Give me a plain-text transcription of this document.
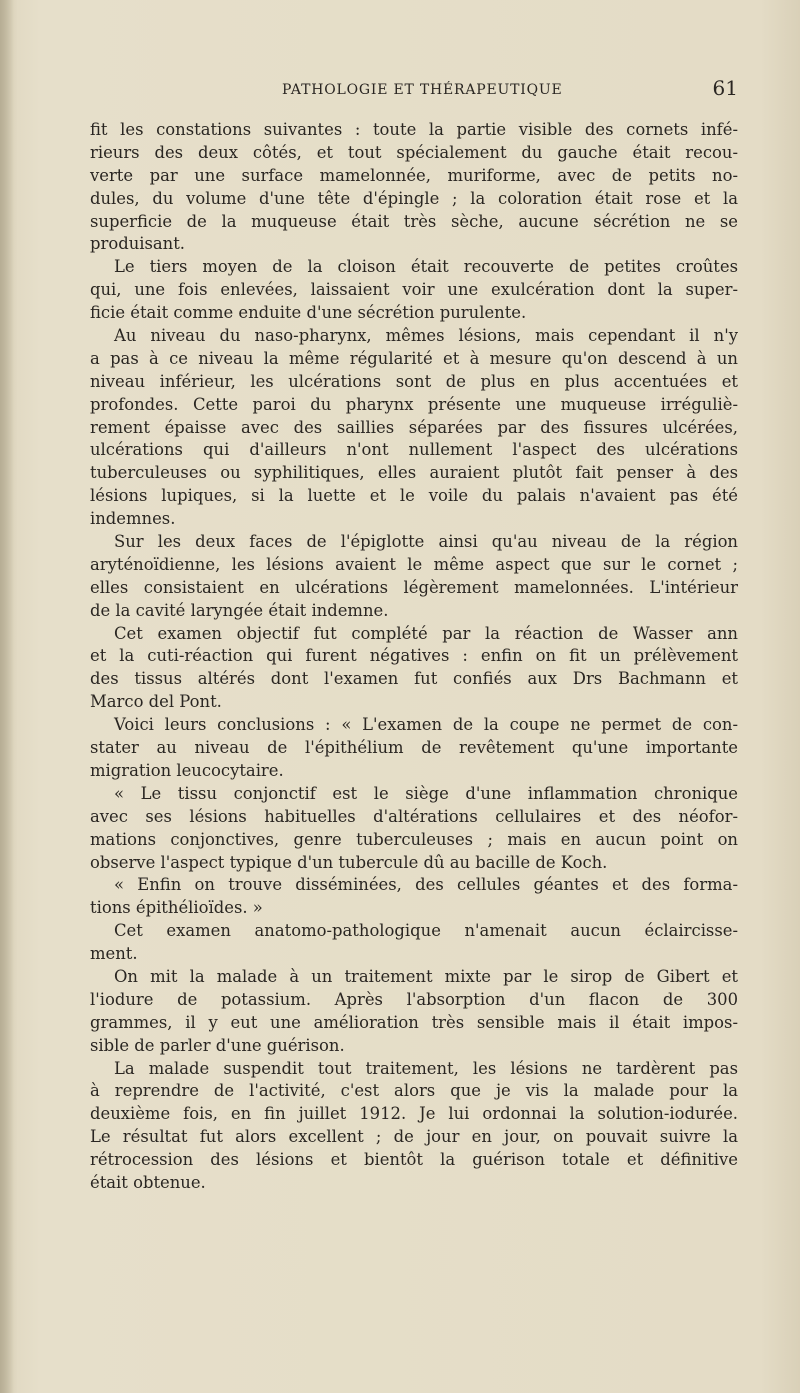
PATHOLOGIE ET THÉRAPEUTIQUE	61
fit les constations suivantes : toute la partie visible des cornets infé-
rieurs des deux côtés, et tout spécialement du gauche était recou-
verte par une surface mamelonnée, muriforme, avec de petits no-
dules, du volume d'une tête d'épingle ; la coloration était rose et la
superficie de la muqueuse était très sèche, aucune sécrétion ne se
produisant.
Le tiers moyen de la cloison était recouverte de petites croûtes
qui, une fois enlevées, laissaient voir une exulcération dont la super-
ficie était comme enduite d'une sécrétion purulente.
Au niveau du naso-pharynx, mêmes lésions, mais cependant il n'y
a pas à ce niveau la même régularité et à mesure qu'on descend à un
niveau inférieur, les ulcérations sont de plus en plus accentuées et
profondes. Cette paroi du pharynx présente une muqueuse irréguliè-
rement épaisse avec des saillies séparées par des fissures ulcérées,
ulcérations qui d'ailleurs n'ont nullement l'aspect des ulcérations
tuberculeuses ou syphilitiques, elles auraient plutôt fait penser à des
lésions lupiques, si la luette et le voile du palais n'avaient pas été
indemnes.
Sur les deux faces de l'épiglotte ainsi qu'au niveau de la région
aryténoïdienne, les lésions avaient le même aspect que sur le cornet ;
elles consistaient en ulcérations légèrement mamelonnées. L'intérieur
de la cavité laryngée était indemne.
Cet examen objectif fut complété par la réaction de Wasser ann
et la cuti-réaction qui furent négatives : enfin on fit un prélèvement
des tissus altérés dont l'examen fut confiés aux Drs Bachmann et
Marco del Pont.
Voici leurs conclusions : « L'examen de la coupe ne permet de con-
stater au niveau de l'épithélium de revêtement qu'une importante
migration leucocytaire.
« Le tissu conjonctif est le siège d'une inflammation chronique
avec ses lésions habituelles d'altérations cellulaires et des néofor-
mations conjonctives, genre tuberculeuses ; mais en aucun point on
observe l'aspect typique d'un tubercule dû au bacille de Koch.
« Enfin on trouve disséminées, des cellules géantes et des forma-
tions épithélioïdes. »
Cet examen anatomo-pathologique n'amenait aucun éclaircisse-
ment.
On mit la malade à un traitement mixte par le sirop de Gibert et
l'iodure de potassium. Après l'absorption d'un flacon de 300
grammes, il y eut une amélioration très sensible mais il était impos-
sible de parler d'une guérison.
La malade suspendit tout traitement, les lésions ne tardèrent pas
à reprendre de l'activité, c'est alors que je vis la malade pour la
deuxième fois, en fin juillet 1912. Je lui ordonnai la solution-iodurée.
Le résultat fut alors excellent ; de jour en jour, on pouvait suivre la
rétrocession des lésions et bientôt la guérison totale et définitive
était obtenue.
